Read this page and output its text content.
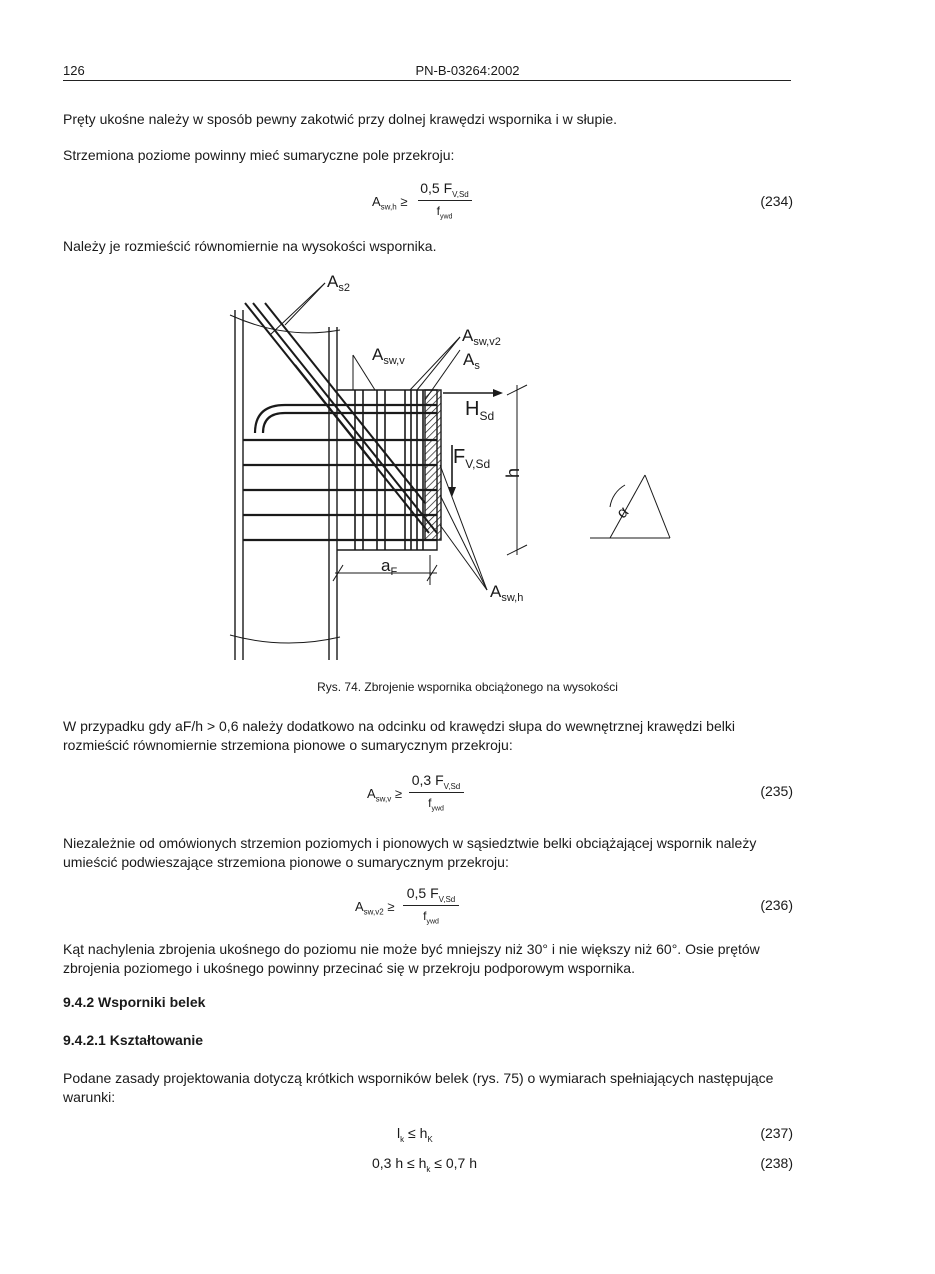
126	PN-B-03264:2002
Pręty ukośne należy w sposób pewny zakotwić przy dolnej krawędzi wspornika i w słupie.
Strzemiona poziome powinny mieć sumaryczne pole przekroju:
$A_{sw,h}$ ≥
0,5 $F_{V,Sd}$
$f_{ywd}$
(234)
Należy je rozmieścić równomiernie na wysokości wspornika.
$A_{s2}$
$A_{sw,v}$
$A_{sw,v2}$
$A_s$
$H_{Sd}$
$F_{V,Sd}$
h
$a_F$
$A_{sw,h}$
α
Rys. 74. Zbrojenie wspornika obciążonego na wysokości
W przypadku gdy aF/h > 0,6 należy dodatkowo na odcinku od krawędzi słupa do wewnętrznej krawędzi belki rozmieścić równomiernie strzemiona pionowe o sumarycznym przekroju:
$A_{sw,v}$ ≥
0,3 $F_{V,Sd}$
$f_{ywd}$
(235)
Niezależnie od omówionych strzemion poziomych i pionowych w sąsiedztwie belki obciążającej wspornik należy umieścić podwieszające strzemiona pionowe o sumarycznym przekroju:
$A_{sw,v2}$ ≥
0,5 $F_{V,Sd}$
$f_{ywd}$
(236)
Kąt nachylenia zbrojenia ukośnego do poziomu nie może być mniejszy niż 30° i nie większy niż 60°. Osie prętów zbrojenia poziomego i ukośnego powinny przecinać się w przekroju podporowym wspornika.
9.4.2 Wsporniki belek
9.4.2.1 Kształtowanie
Podane zasady projektowania dotyczą krótkich wsporników belek (rys. 75) o wymiarach spełniających następujące warunki:
$l_k \le h_K$	(237)
0,3 $h \le h_k \le 0,7$ h	(238)
